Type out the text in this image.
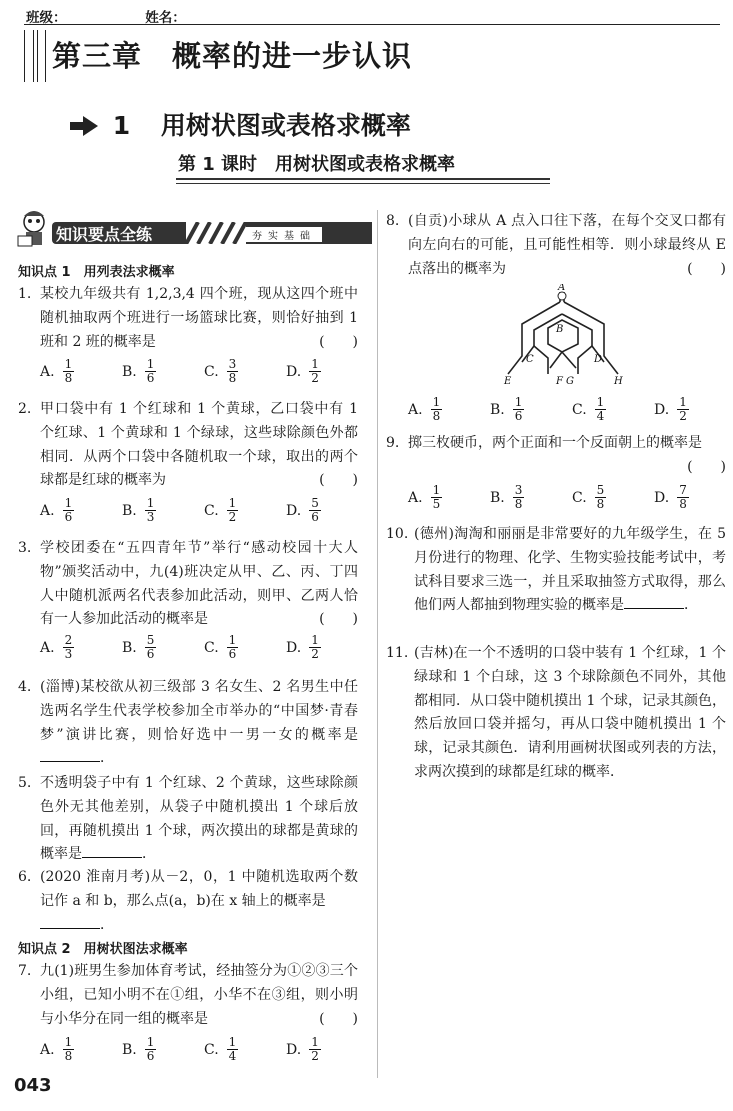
班级：	姓名：
第三章　概率的进一步认识
1 用树状图或表格求概率
第 1 课时　用树状图或表格求概率
知识要点全练	夯实基础
知识点 1　用列表法求概率
1. 某校九年级共有 1,2,3,4 四个班，现从这四个班中随机抽取两个班进行一场篮球比赛，则恰好抽到 1 班和 2 班的概率是	(　　)
A. $\frac{1}{8}$	B. $\frac{1}{6}$	C. $\frac{3}{8}$	D. $\frac{1}{2}$
2. 甲口袋中有 1 个红球和 1 个黄球，乙口袋中有 1 个红球、1 个黄球和 1 个绿球，这些球除颜色外都相同．从两个口袋中各随机取一个球，取出的两个球都是红球的概率为	(　　)
A. $\frac{1}{6}$	B. $\frac{1}{3}$	C. $\frac{1}{2}$	D. $\frac{5}{6}$
3. 学校团委在“五四青年节”举行“感动校园十大人物”颁奖活动中，九(4)班决定从甲、乙、丙、丁四人中随机派两名代表参加此活动，则甲、乙两人恰有一人参加此活动的概率是	(　　)
A. $\frac{2}{3}$	B. $\frac{5}{6}$	C. $\frac{1}{6}$	D. $\frac{1}{2}$
4. (淄博)某校欲从初三级部 3 名女生、2 名男生中任选两名学生代表学校参加全市举办的“中国梦·青春梦”演讲比赛，则恰好选中一男一女的概率是．
5. 不透明袋子中有 1 个红球、2 个黄球，这些球除颜色外无其他差别，从袋子中随机摸出 1 个球后放回，再随机摸出 1 个球，两次摸出的球都是黄球的概率是	．
6. (2020 淮南月考)从－2，0，1 中随机选取两个数记作 a 和 b，那么点(a，b)在 x 轴上的概率是
．
知识点 2　用树状图法求概率
7. 九(1)班男生参加体育考试，经抽签分为①②③三个小组，已知小明不在①组，小华不在③组，则小明与小华分在同一组的概率是	(　　)
A. $\frac{1}{8}$	B. $\frac{1}{6}$	C. $\frac{1}{4}$	D. $\frac{1}{2}$
8. (自贡)小球从 A 点入口往下落，在每个交叉口都有向左向右的可能，且可能性相等．则小球最终从 E 点落出的概率为	(　　)
A
B
C	D
E	F G	H
A. $\frac{1}{8}$	B. $\frac{1}{6}$	C. $\frac{1}{4}$	D. $\frac{1}{2}$
9. 掷三枚硬币，两个正面和一个反面朝上的概率是
(　　)
A. $\frac{1}{5}$	B. $\frac{3}{8}$	C. $\frac{5}{8}$	D. $\frac{7}{8}$
10. (德州)淘淘和丽丽是非常要好的九年级学生，在 5 月份进行的物理、化学、生物实验技能考试中，考试科目要求三选一，并且采取抽签方式取得，那么他们两人都抽到物理实验的概率是	．
11. (吉林)在一个不透明的口袋中装有 1 个红球，1 个绿球和 1 个白球，这 3 个球除颜色不同外，其他都相同．从口袋中随机摸出 1 个球，记录其颜色，然后放回口袋并摇匀，再从口袋中随机摸出 1 个球，记录其颜色．请利用画树状图或列表的方法，求两次摸到的球都是红球的概率．
043
